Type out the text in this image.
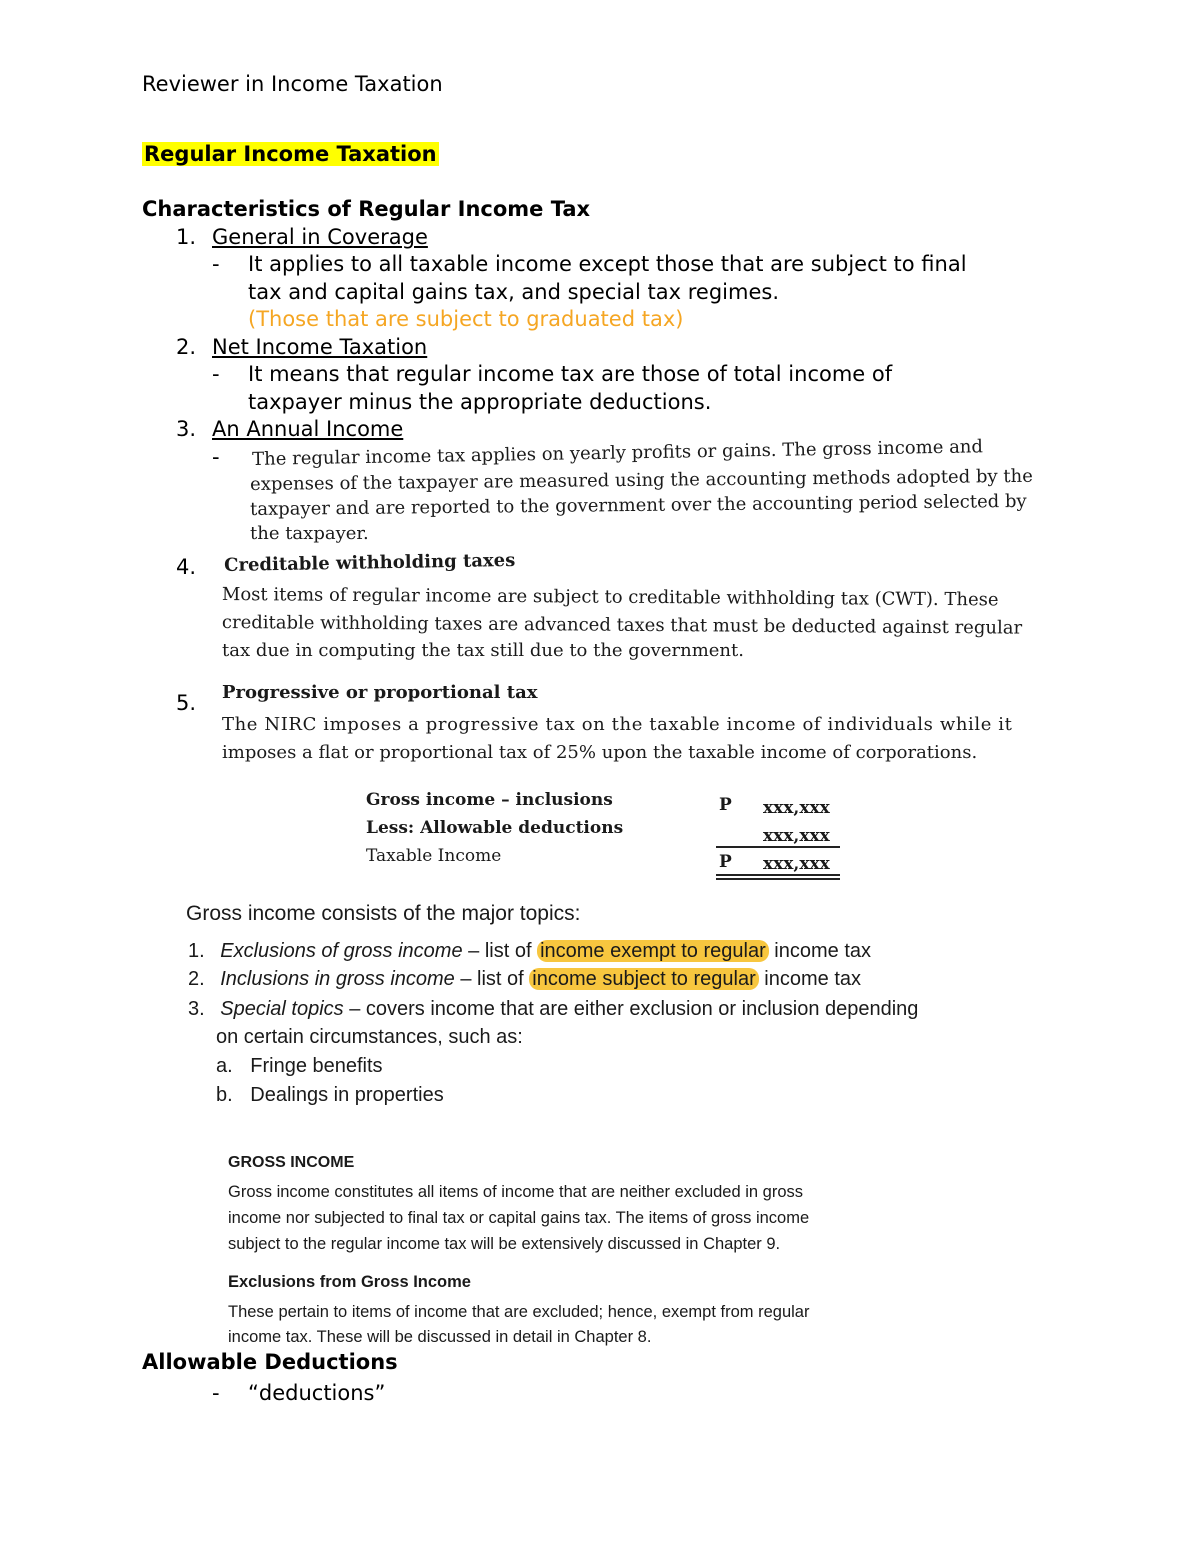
Reviewer in Income Taxation
Regular Income Taxation
Characteristics of Regular Income Tax
1. General in Coverage
- It applies to all taxable income except those that are subject to final
tax and capital gains tax, and special tax regimes.
(Those that are subject to graduated tax)
2. Net Income Taxation
- It means that regular income tax are those of total income of
taxpayer minus the appropriate deductions.
3. An Annual Income
- The regular income tax applies on yearly profits or gains. The gross income and
expenses of the taxpayer are measured using the accounting methods adopted by the
taxpayer and are reported to the government over the accounting period selected by
the taxpayer.
4. Creditable withholding taxes
Most items of regular income are subject to creditable withholding tax (CWT). These
creditable withholding taxes are advanced taxes that must be deducted against regular
tax due in computing the tax still due to the government.
5. Progressive or proportional tax
The NIRC imposes a progressive tax on the taxable income of individuals while it
imposes a flat or proportional tax of 25% upon the taxable income of corporations.
Gross income – inclusions	P xxx,xxx
Less: Allowable deductions	xxx,xxx
Taxable Income	P xxx,xxx
Gross income consists of the major topics:
1. Exclusions of gross income – list of income exempt to regular income tax
2. Inclusions in gross income – list of income subject to regular income tax
3. Special topics – covers income that are either exclusion or inclusion depending
on certain circumstances, such as:
a. Fringe benefits
b. Dealings in properties
GROSS INCOME
Gross income constitutes all items of income that are neither excluded in gross
income nor subjected to final tax or capital gains tax. The items of gross income
subject to the regular income tax will be extensively discussed in Chapter 9.
Exclusions from Gross Income
These pertain to items of income that are excluded; hence, exempt from regular
income tax. These will be discussed in detail in Chapter 8.
Allowable Deductions
- “deductions”
